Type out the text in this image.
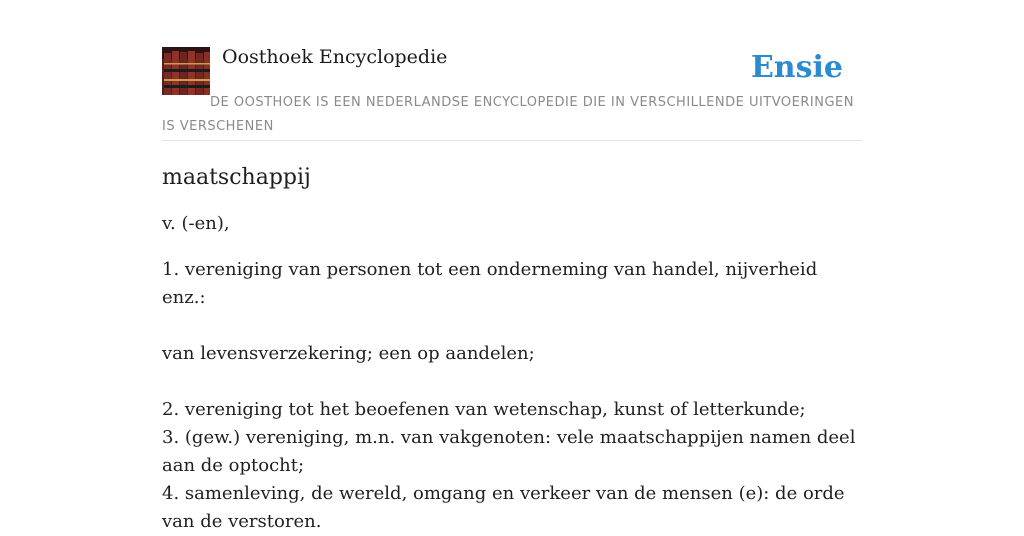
Oosthoek Encyclopedie	Ensie
DE OOSTHOEK IS EEN NEDERLANDSE ENCYCLOPEDIE DIE IN VERSCHILLENDE UITVOERINGEN IS VERSCHENEN
maatschappij
v. (-en),
1. vereniging van personen tot een onderneming van handel, nijverheid enz.:
van levensverzekering; een op aandelen;
2. vereniging tot het beoefenen van wetenschap, kunst of letterkunde;
3. (gew.) vereniging, m.n. van vakgenoten: vele maatschappijen namen deel aan de optocht;
4. samenleving, de wereld, omgang en verkeer van de mensen (e): de orde van de verstoren.
